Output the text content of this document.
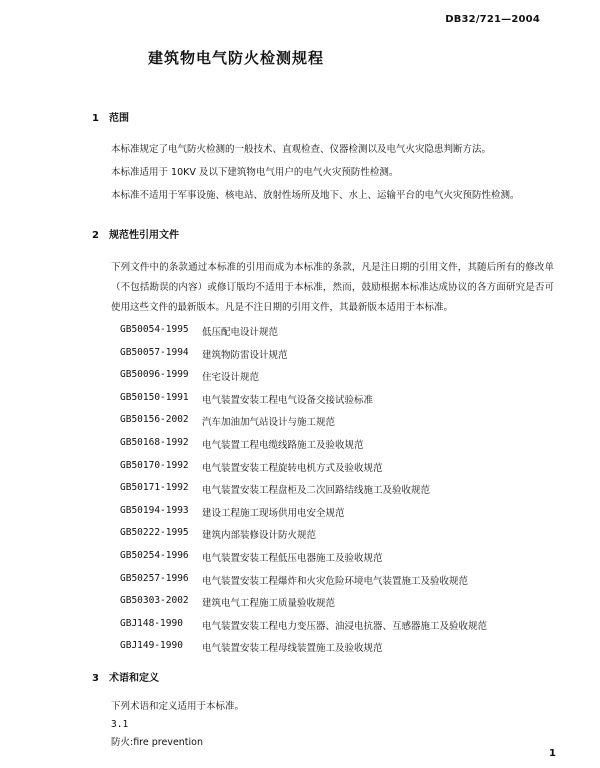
DB32/721—2004
建筑物电气防火检测规程
1 范围
本标准规定了电气防火检测的一般技术、直观检查、仪器检测以及电气火灾隐患判断方法。
本标准适用于 10KV 及以下建筑物电气用户的电气火灾预防性检测。
本标准不适用于军事设施、核电站、放射性场所及地下、水上、运输平台的电气火灾预防性检测。
2 规范性引用文件
下列文件中的条款通过本标准的引用而成为本标准的条款，凡是注日期的引用文件，其随后所有的修改单（不包括勘误的内容）或修订版均不适用于本标准，然而，鼓励根据本标准达成协议的各方面研究是否可使用这些文件的最新版本。凡是不注日期的引用文件，其最新版本适用于本标准。
GB50054-1995	低压配电设计规范
GB50057-1994	建筑物防雷设计规范
GB50096-1999	住宅设计规范
GB50150-1991	电气装置安装工程电气设备交接试验标准
GB50156-2002	汽车加油加气站设计与施工规范
GB50168-1992	电气装置工程电缆线路施工及验收规范
GB50170-1992	电气装置安装工程旋转电机方式及验收规范
GB50171-1992	电气装置安装工程盘柜及二次回路结线施工及验收规范
GB50194-1993	建设工程施工现场供用电安全规范
GB50222-1995	建筑内部装修设计防火规范
GB50254-1996	电气装置安装工程低压电器施工及验收规范
GB50257-1996	电气装置安装工程爆炸和火灾危险环境电气装置施工及验收规范
GB50303-2002	建筑电气工程施工质量验收规范
GBJ148-1990	电气装置安装工程电力变压器、油浸电抗器、互感器施工及验收规范
GBJ149-1990	电气装置安装工程母线装置施工及验收规范
3 术语和定义
下列术语和定义适用于本标准。
3.1
防火:fire prevention
1
